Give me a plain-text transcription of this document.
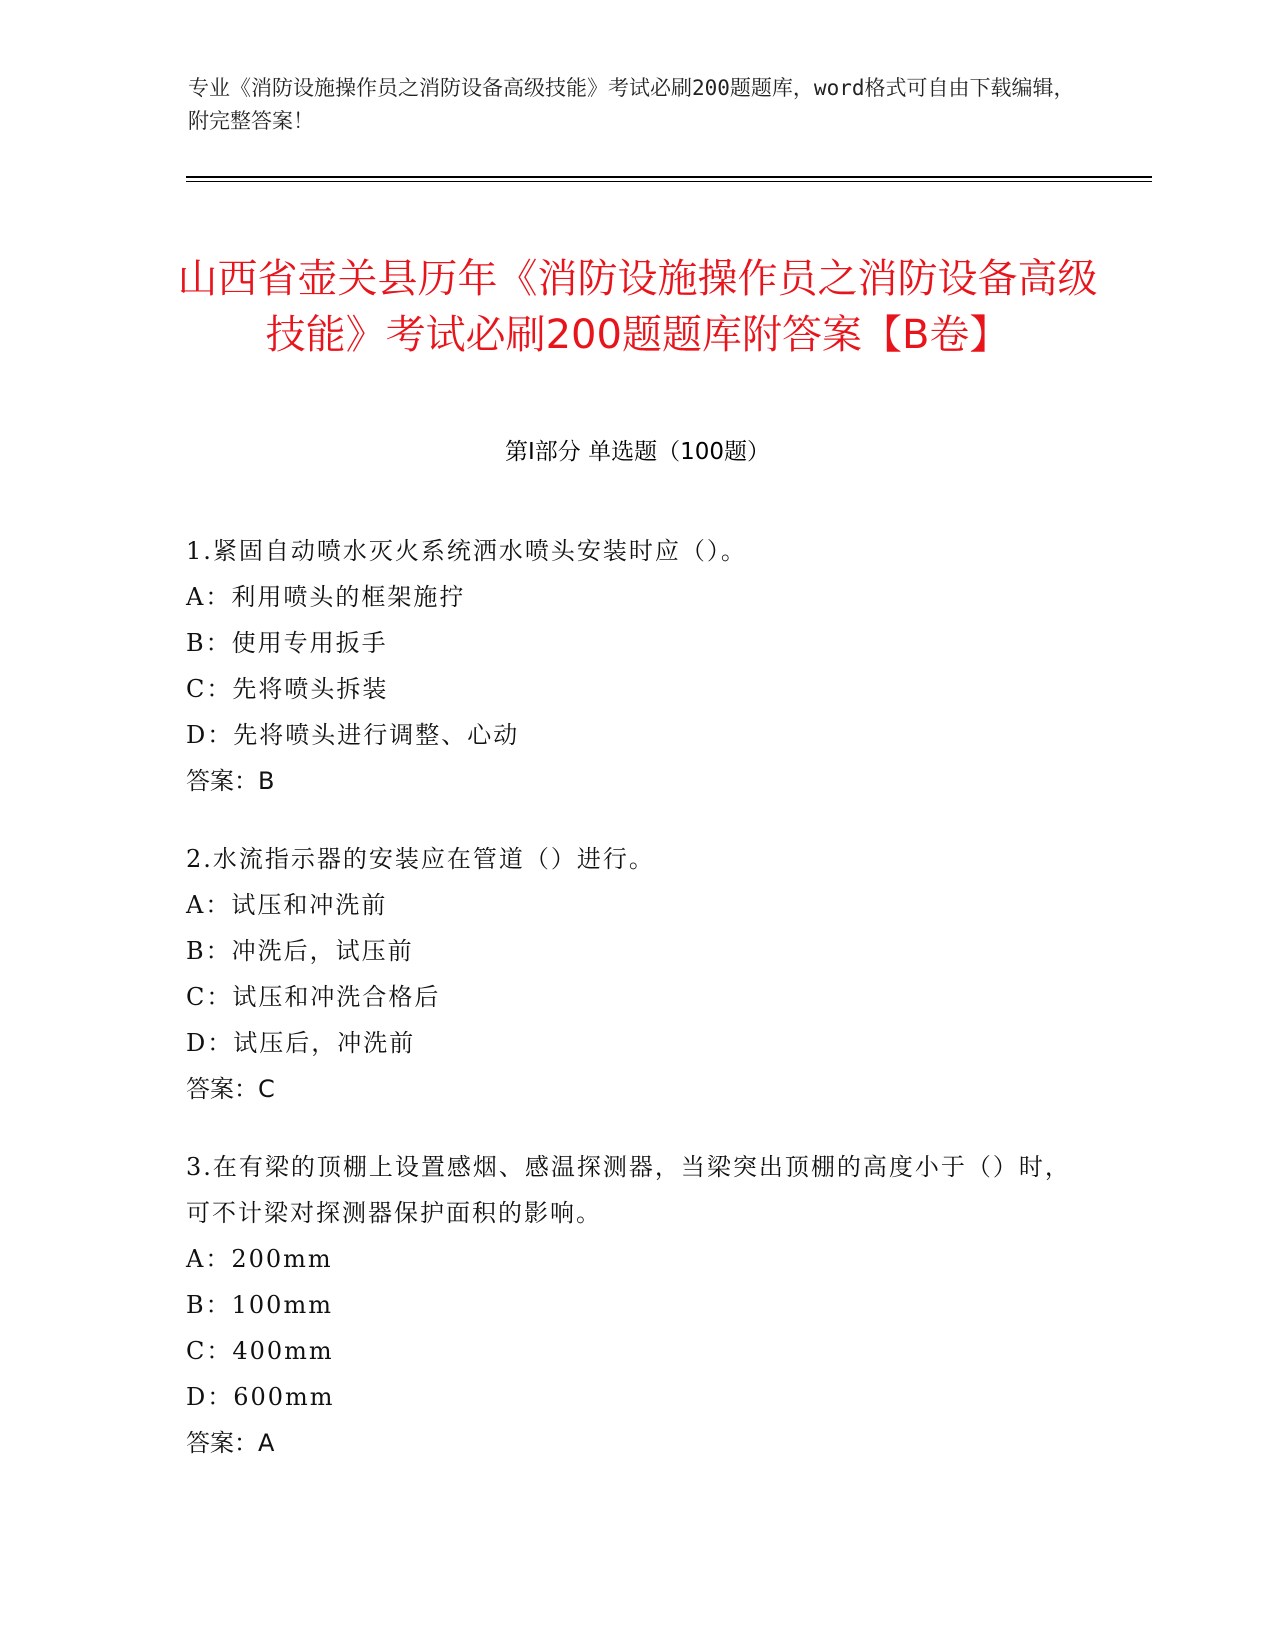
专业《消防设施操作员之消防设备高级技能》考试必刷200题题库，word格式可自由下载编辑，附完整答案！
山西省壶关县历年《消防设施操作员之消防设备高级技能》考试必刷200题题库附答案【B卷】
第Ⅰ部分 单选题（100题）
1.紧固自动喷水灭火系统洒水喷头安装时应（）。
A：利用喷头的框架施拧
B：使用专用扳手
C：先将喷头拆装
D：先将喷头进行调整、心动
答案：B
2.水流指示器的安装应在管道（）进行。
A：试压和冲洗前
B：冲洗后，试压前
C：试压和冲洗合格后
D：试压后，冲洗前
答案：C
3.在有梁的顶棚上设置感烟、感温探测器，当梁突出顶棚的高度小于（）时，可不计梁对探测器保护面积的影响。
A：200mm
B：100mm
C：400mm
D：600mm
答案：A
